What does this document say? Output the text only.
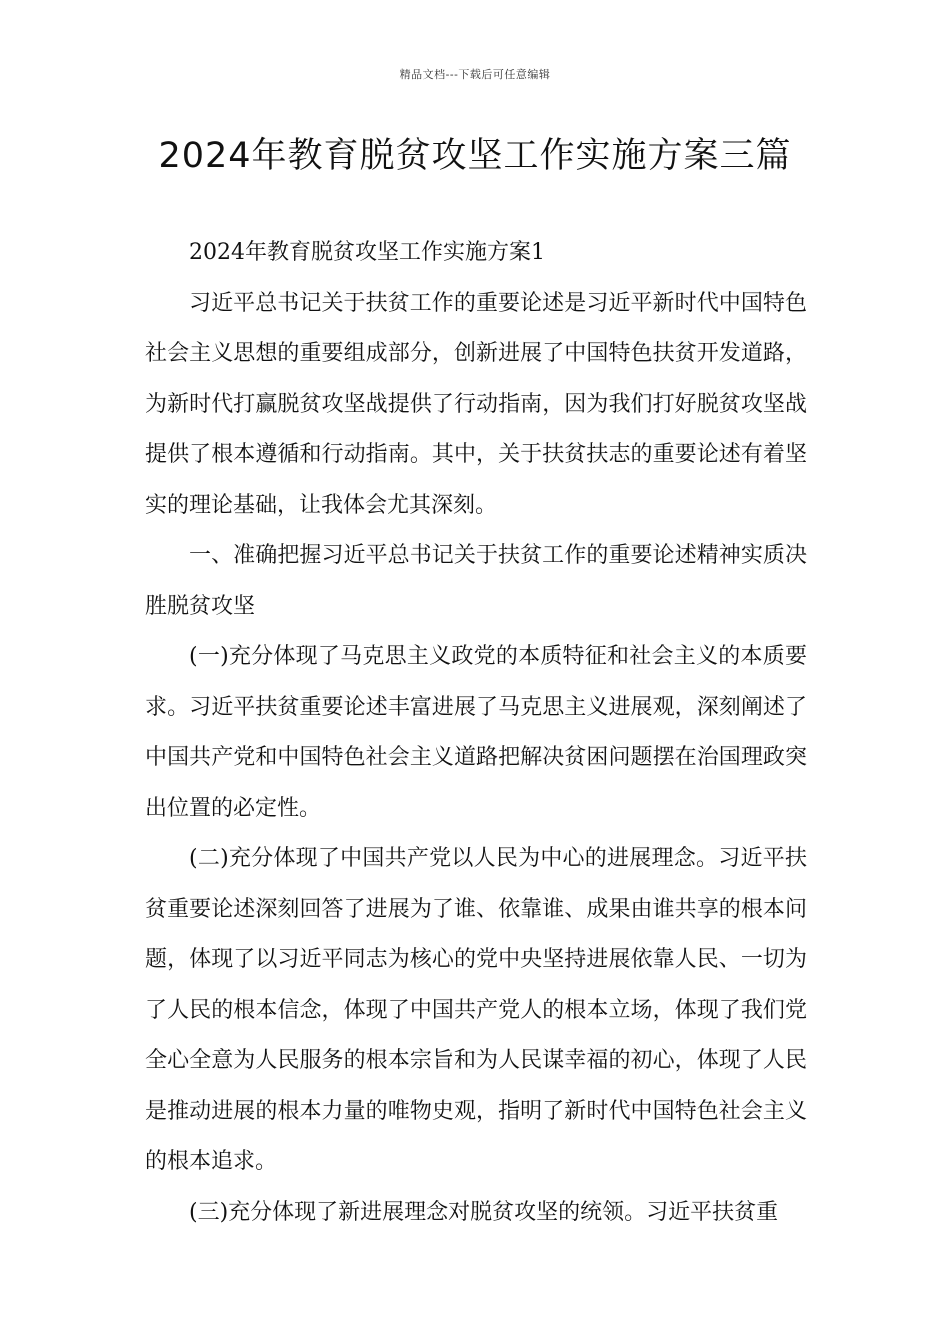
精品文档---下载后可任意编辑
2024年教育脱贫攻坚工作实施方案三篇

2024年教育脱贫攻坚工作实施方案1

习近平总书记关于扶贫工作的重要论述是习近平新时代中国特色社会主义思想的重要组成部分，创新进展了中国特色扶贫开发道路，为新时代打赢脱贫攻坚战提供了行动指南，因为我们打好脱贫攻坚战提供了根本遵循和行动指南。其中，关于扶贫扶志的重要论述有着坚实的理论基础，让我体会尤其深刻。

一、准确把握习近平总书记关于扶贫工作的重要论述精神实质决胜脱贫攻坚

(一)充分体现了马克思主义政党的本质特征和社会主义的本质要求。习近平扶贫重要论述丰富进展了马克思主义进展观，深刻阐述了中国共产党和中国特色社会主义道路把解决贫困问题摆在治国理政突出位置的必定性。

(二)充分体现了中国共产党以人民为中心的进展理念。习近平扶贫重要论述深刻回答了进展为了谁、依靠谁、成果由谁共享的根本问题，体现了以习近平同志为核心的党中央坚持进展依靠人民、一切为了人民的根本信念，体现了中国共产党人的根本立场，体现了我们党全心全意为人民服务的根本宗旨和为人民谋幸福的初心，体现了人民是推动进展的根本力量的唯物史观，指明了新时代中国特色社会主义的根本追求。

(三)充分体现了新进展理念对脱贫攻坚的统领。习近平扶贫重
